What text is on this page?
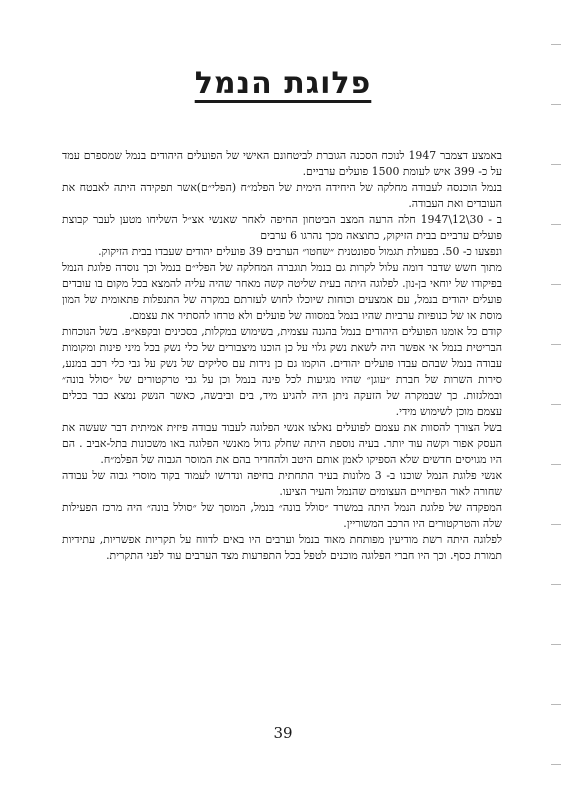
פלוגת הנמל

באמצע דצמבר 1947 לנוכח הסכנה הגוברת לביטחונם האישי של הפועלים היהודים בנמל שמספרם עמד על כ- 399 איש לעומת 1500 פועלים ערביים.

בנמל הוכנסה לעבודה מחלקה של היחידה הימית של הפלמ״ח (הפלי״ם)אשר תפקידה היתה לאבטח את העובדים ואת העבודה.

ב - 30\12\1947 חלה הרעה המצב הביטחון החיפה לאחר שאנשי אצ״ל השליחו מטען לעבר קבוצת פועלים ערביים בבית הזיקוק, כתוצאה מכך נהרגו 6 ערבים

ונפצעו כ- 50. בפעולת תגמול ספונטנית ״שחטו״ הערבים 39 פועלים יהודים שעבדו בבית הזיקוק.

מתוך חשש שדבר דומה עלול לקרות גם בנמל תוגברה המחלקה של הפלי״ם בנמל וכך נוסדה פלוגת הנמל בפיקודו של יוחאי בן-נון. לפלוגה היתה בעית שליטה קשה מאחר שהיה עליה להמצא בכל מקום בו עובדים פועלים יהודים בנמל, עם אמצעים וכוחות שיוכלו לחוש לעזרתם במקרה של התנפלות פתאומית של המון מוסת או של כנופיות ערביות שהיו בנמל במסווה של פועלים ולא טרחו להסתיר את עצמם.

קודם כל אומנו הפועלים היהודים בנמל בהגנה עצמית, בשימוש במקלות, בסכינים ובקפא״פ. בשל הנוכחות הבריטית בנמל אי אפשר היה לשאת נשק גלוי על כן הוכנו מיצבורים של כלי נשק בכל מיני פינות ומקומות עבודה בנמל שבהם עבדו פועלים יהודים. הוקמו גם כן נידות עם סליקים של נשק על גבי כלי רכב במנע, סירות השרות של חברת ״עוגן״ שהיו מגיעות לכל פינה בנמל וכן על גבי טרקטורים של ״סולל בונה״ ובמלגזות. כך שבמקרה של הזעקה ניתן היה להגיע מיד, בים וביבשה, כאשר הנשק נמצא כבר בכלים עצמם מוכן לשימוש מידי.

בשל הצורך להסוות את עצמם לפועלים נאלצו אנשי הפלוגה לעבוד עבודה פיזית אמיתית דבר שעשה את העסק אפור וקשה עוד יותר. בעיה נוספת היתה שחלק גדול מאנשי הפלוגה באו משכונות בתל-אביב . הם היו מגויסים חדשים שלא הספיקו לאמן אותם היטב ולהחדיר בהם את המוסר הגבוה של הפלמ״ח.

אנשי פלוגת הנמל שוכנו ב- 3 מלונות בעיר התחתית בחיפה ונדרשו לעמוד בקוד מוסרי גבוה של עבודה שחורה לאור הפיתויים העצומים שהנמל והעיר הציעו.

המפקדה של פלוגת הנמל היתה במשרד ״סולל בונה״ בנמל, המוסך של ״סולל בונה״ היה מרכז הפעילות שלה והטרקטורים היו הרכב המשוריין.

לפלוגה היתה רשת מודיעין מפותחת מאוד בנמל וערבים היו באים לדווח על תקריות אפשריות, עתידיות תמורת כסף. וכך היו חברי הפלוגה מוכנים לטפל בכל התפרעות מצד הערבים עוד לפני התקרית.

39
